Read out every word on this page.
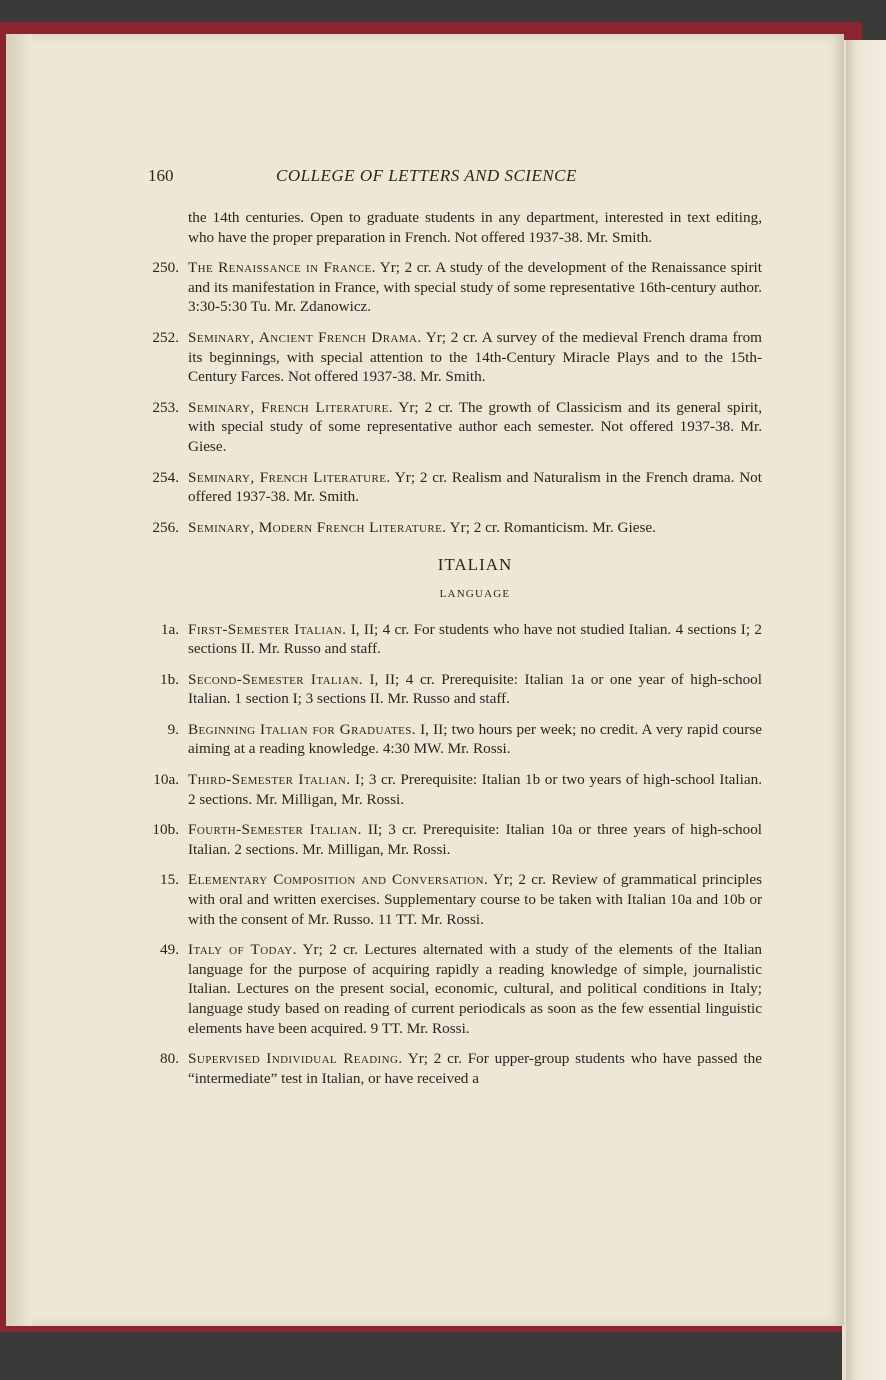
160	COLLEGE OF LETTERS AND SCIENCE
the 14th centuries. Open to graduate students in any department, interested in text editing, who have the proper preparation in French. Not offered 1937-38. Mr. Smith.
250. The Renaissance in France. Yr; 2 cr. A study of the development of the Renaissance spirit and its manifestation in France, with special study of some representative 16th-century author. 3:30-5:30 Tu. Mr. Zdanowicz.
252. Seminary, Ancient French Drama. Yr; 2 cr. A survey of the medieval French drama from its beginnings, with special attention to the 14th-Century Miracle Plays and to the 15th-Century Farces. Not offered 1937-38. Mr. Smith.
253. Seminary, French Literature. Yr; 2 cr. The growth of Classicism and its general spirit, with special study of some representative author each semester. Not offered 1937-38. Mr. Giese.
254. Seminary, French Literature. Yr; 2 cr. Realism and Naturalism in the French drama. Not offered 1937-38. Mr. Smith.
256. Seminary, Modern French Literature. Yr; 2 cr. Romanticism. Mr. Giese.
ITALIAN
LANGUAGE
1a. First-Semester Italian. I, II; 4 cr. For students who have not studied Italian. 4 sections I; 2 sections II. Mr. Russo and staff.
1b. Second-Semester Italian. I, II; 4 cr. Prerequisite: Italian 1a or one year of high-school Italian. 1 section I; 3 sections II. Mr. Russo and staff.
9. Beginning Italian for Graduates. I, II; two hours per week; no credit. A very rapid course aiming at a reading knowledge. 4:30 MW. Mr. Rossi.
10a. Third-Semester Italian. I; 3 cr. Prerequisite: Italian 1b or two years of high-school Italian. 2 sections. Mr. Milligan, Mr. Rossi.
10b. Fourth-Semester Italian. II; 3 cr. Prerequisite: Italian 10a or three years of high-school Italian. 2 sections. Mr. Milligan, Mr. Rossi.
15. Elementary Composition and Conversation. Yr; 2 cr. Review of grammatical principles with oral and written exercises. Supplementary course to be taken with Italian 10a and 10b or with the consent of Mr. Russo. 11 TT. Mr. Rossi.
49. Italy of Today. Yr; 2 cr. Lectures alternated with a study of the elements of the Italian language for the purpose of acquiring rapidly a reading knowledge of simple, journalistic Italian. Lectures on the present social, economic, cultural, and political conditions in Italy; language study based on reading of current periodicals as soon as the few essential linguistic elements have been acquired. 9 TT. Mr. Rossi.
80. Supervised Individual Reading. Yr; 2 cr. For upper-group students who have passed the “intermediate” test in Italian, or have received a
